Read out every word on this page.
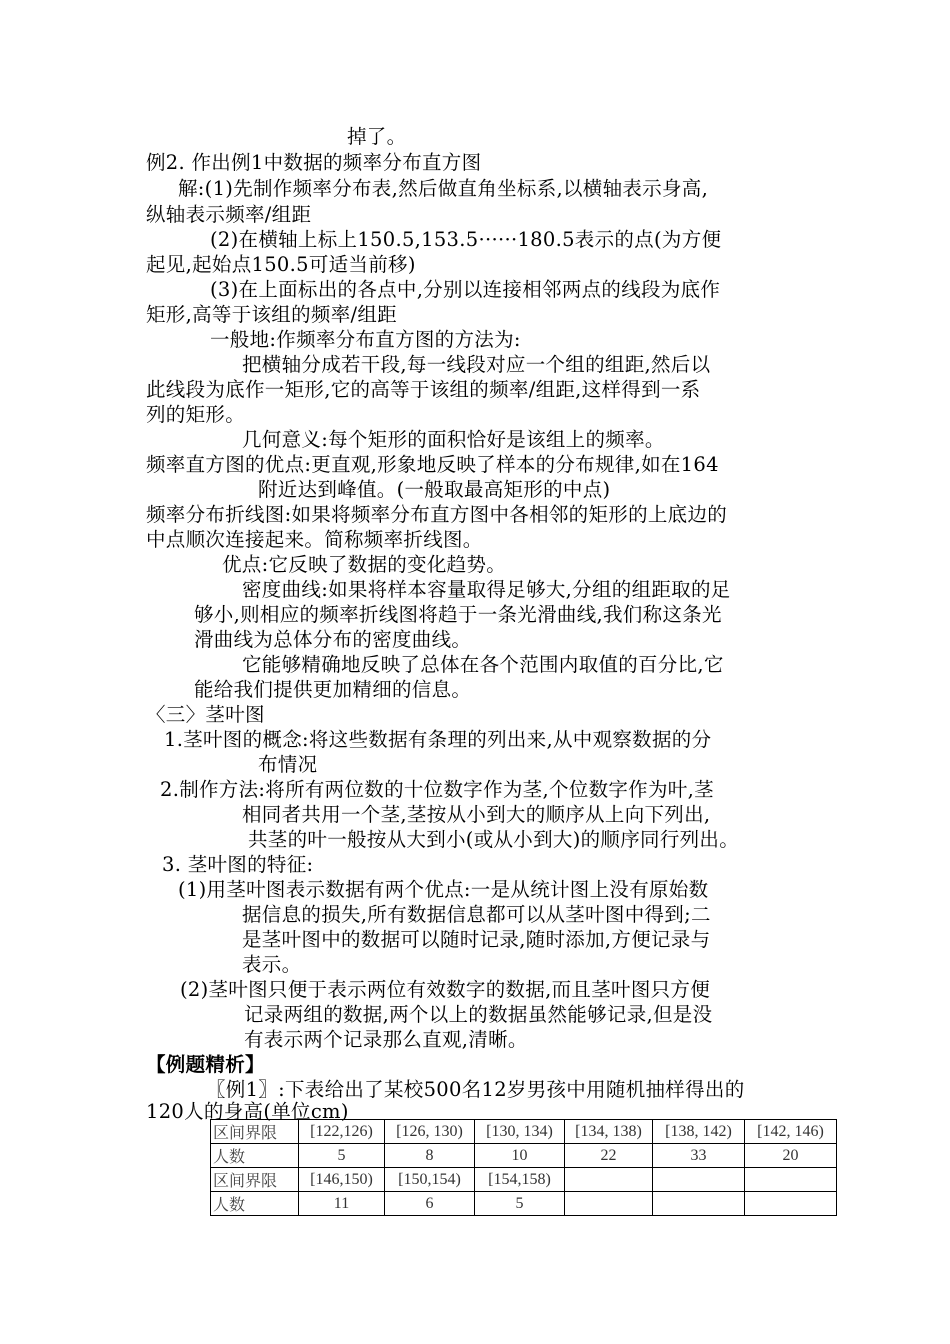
掉了。
例2. 作出例1中数据的频率分布直方图
解:(1)先制作频率分布表,然后做直角坐标系,以横轴表示身高,
纵轴表示频率/组距
(2)在横轴上标上150.5,153.5······180.5表示的点(为方便
起见,起始点150.5可适当前移)
(3)在上面标出的各点中,分别以连接相邻两点的线段为底作
矩形,高等于该组的频率/组距
一般地:作频率分布直方图的方法为:
把横轴分成若干段,每一线段对应一个组的组距,然后以
此线段为底作一矩形,它的高等于该组的频率/组距,这样得到一系
列的矩形。
几何意义:每个矩形的面积恰好是该组上的频率。
频率直方图的优点:更直观,形象地反映了样本的分布规律,如在164
附近达到峰值。(一般取最高矩形的中点)
频率分布折线图:如果将频率分布直方图中各相邻的矩形的上底边的
中点顺次连接起来。简称频率折线图。
优点:它反映了数据的变化趋势。
密度曲线:如果将样本容量取得足够大,分组的组距取的足
够小,则相应的频率折线图将趋于一条光滑曲线,我们称这条光
滑曲线为总体分布的密度曲线。
它能够精确地反映了总体在各个范围内取值的百分比,它
能给我们提供更加精细的信息。
〈三〉茎叶图
1.茎叶图的概念:将这些数据有条理的列出来,从中观察数据的分
布情况
2.制作方法:将所有两位数的十位数字作为茎,个位数字作为叶,茎
相同者共用一个茎,茎按从小到大的顺序从上向下列出,
共茎的叶一般按从大到小(或从小到大)的顺序同行列出。
3. 茎叶图的特征:
(1)用茎叶图表示数据有两个优点:一是从统计图上没有原始数
据信息的损失,所有数据信息都可以从茎叶图中得到;二
是茎叶图中的数据可以随时记录,随时添加,方便记录与
表示。
(2)茎叶图只便于表示两位有效数字的数据,而且茎叶图只方便
记录两组的数据,两个以上的数据虽然能够记录,但是没
有表示两个记录那么直观,清晰。
【例题精析】
〖例1〗:下表给出了某校500名12岁男孩中用随机抽样得出的
120人的身高(单位cm)
区间界限	[122,126)	[126, 130)	[130, 134)	[134, 138)	[138, 142)	[142, 146)
人数	5	8	10	22	33	20
区间界限	[146,150)	[150,154)	[154,158)			
人数	11	6	5			
